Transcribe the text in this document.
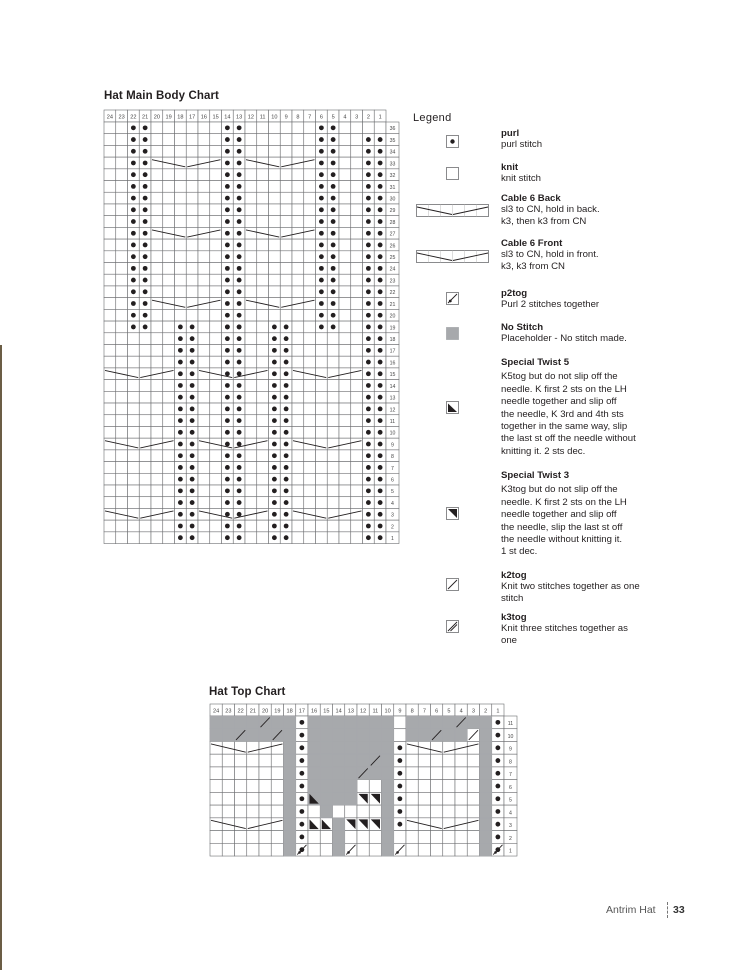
Hat Main Body Chart
24 23 22 21 20 19 18 17 16 15 14 13 12 11 10 9 8 7 6 5 4 3 2 1
36
35
34
33
32
31
30
29
28
27
26
25
24
23
22
21
20
19
18
17
16
15
14
13
12
11
10
9
8
7
6
5
4
3
2
1
24 23 22 21 20 19 18 17 16 15 14 13 12 11 10 9 8 7 6 5 4 3 2 1
11
10
9
8
7
6
5
4
3
2
1
Hat Top Chart
Legend
purl
purl stitch
knit
knit stitch
Cable 6 Back
sl3 to CN, hold in back.
k3, then k3 from CN
Cable 6 Front
sl3 to CN, hold in front.
k3, k3 from CN
p2tog
Purl 2 stitches together
No Stitch
Placeholder - No stitch made.
Special Twist 5
K5tog but do not slip off the
needle. K first 2 sts on the LH
needle together and slip off
the needle, K 3rd and 4th sts
together in the same way, slip
the last st off the needle without
knitting it. 2 sts dec.
Special Twist 3
K3tog but do not slip off the
needle. K first 2 sts on the LH
needle together and slip off
the needle, slip the last st off
the needle without knitting it.
1 st dec.
k2tog
Knit two stitches together as one
stitch
k3tog
Knit three stitches together as
one
Antrim Hat 33
